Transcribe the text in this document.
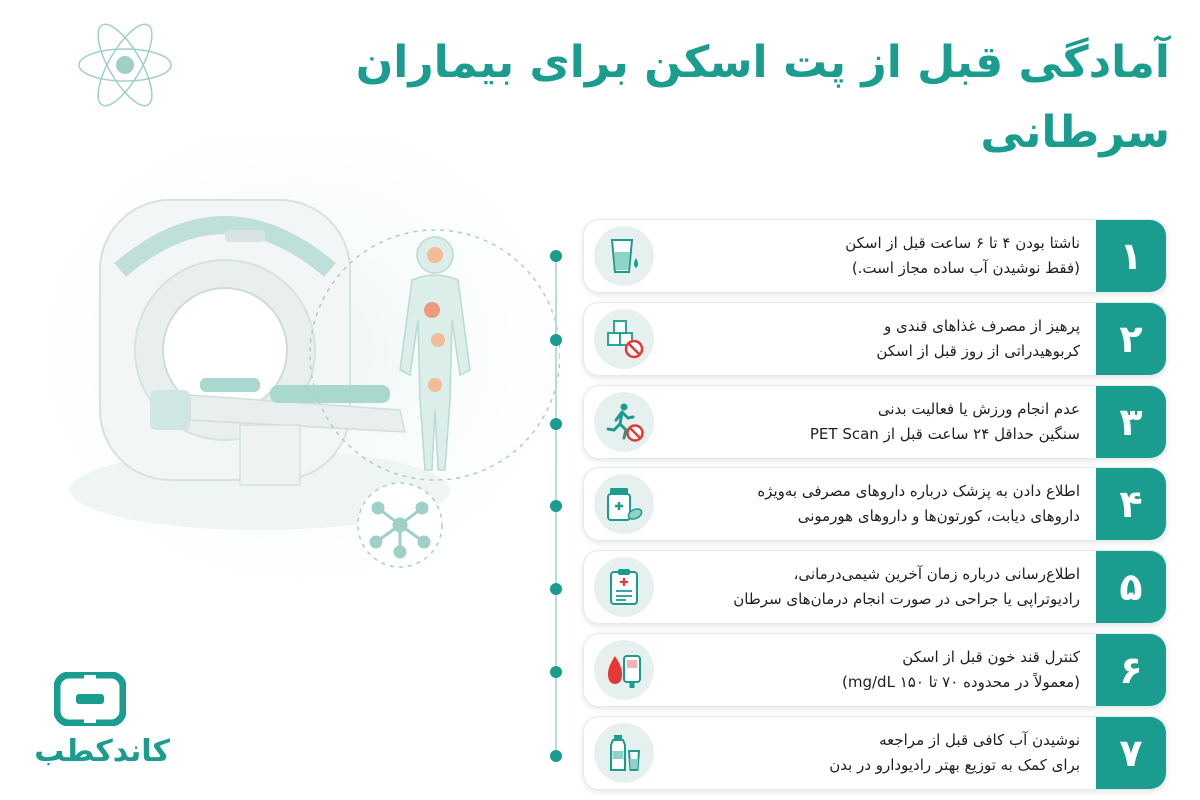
آمادگی قبل از پت اسکن برای بیماران سرطانی
کاندکطب
۱
ناشتا بودن ۴ تا ۶ ساعت قبل از اسکن
(فقط نوشیدن آب ساده مجاز است.)
۲
پرهیز از مصرف غذاهای قندی و
کربوهیدراتی از روز قبل از اسکن
۳
عدم انجام ورزش یا فعالیت بدنی
سنگین حداقل ۲۴ ساعت قبل از PET Scan
۴
اطلاع دادن به پزشک درباره داروهای مصرفی به‌ویژه
داروهای دیابت، کورتون‌ها و داروهای هورمونی
۵
اطلاع‌رسانی درباره زمان آخرین شیمی‌درمانی،
رادیوتراپی یا جراحی در صورت انجام درمان‌های سرطان
۶
کنترل قند خون قبل از اسکن
(معمولاً در محدوده ۷۰ تا ۱۵۰ mg/dL)
۷
نوشیدن آب کافی قبل از مراجعه
برای کمک به توزیع بهتر رادیودارو در بدن
